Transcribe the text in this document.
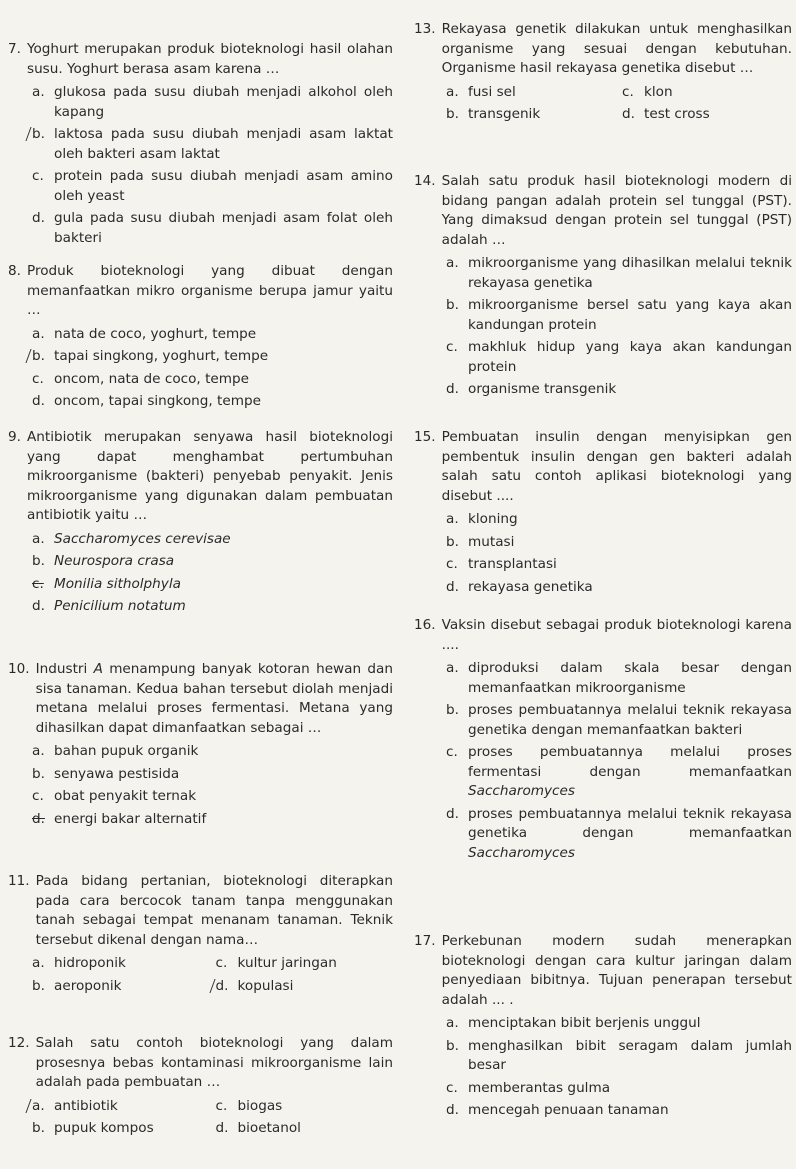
7. Yoghurt merupakan produk bioteknologi hasil olahan susu. Yoghurt berasa asam karena …
a. glukosa pada susu diubah menjadi alkohol oleh kapang
b. laktosa pada susu diubah menjadi asam laktat oleh bakteri asam laktat
c. protein pada susu diubah menjadi asam amino oleh yeast
d. gula pada susu diubah menjadi asam folat oleh bakteri
8. Produk bioteknologi yang dibuat dengan memanfaatkan mikro organisme berupa jamur yaitu …
a. nata de coco, yoghurt, tempe
b. tapai singkong, yoghurt, tempe
c. oncom, nata de coco, tempe
d. oncom, tapai singkong, tempe
9. Antibiotik merupakan senyawa hasil bioteknologi yang dapat menghambat pertumbuhan mikroorganisme (bakteri) penyebab penyakit. Jenis mikroorganisme yang digunakan dalam pembuatan antibiotik yaitu …
a. Saccharomyces cerevisae
b. Neurospora crasa
c. Monilia sitholphyla
d. Penicilium notatum
10. Industri A menampung banyak kotoran hewan dan sisa tanaman. Kedua bahan tersebut diolah menjadi metana melalui proses fermentasi. Metana yang dihasilkan dapat dimanfaatkan sebagai …
a. bahan pupuk organik
b. senyawa pestisida
c. obat penyakit ternak
d. energi bakar alternatif
11. Pada bidang pertanian, bioteknologi diterapkan pada cara bercocok tanam tanpa menggunakan tanah sebagai tempat menanam tanaman. Teknik tersebut dikenal dengan nama…
a. hidroponik	c. kultur jaringan
b. aeroponik	d. kopulasi
12. Salah satu contoh bioteknologi yang dalam prosesnya bebas kontaminasi mikroorganisme lain adalah pada pembuatan …
a. antibiotik	c. biogas
b. pupuk kompos	d. bioetanol
13. Rekayasa genetik dilakukan untuk menghasilkan organisme yang sesuai dengan kebutuhan. Organisme hasil rekayasa genetika disebut …
a. fusi sel	c. klon
b. transgenik	d. test cross
14. Salah satu produk hasil bioteknologi modern di bidang pangan adalah protein sel tunggal (PST). Yang dimaksud dengan protein sel tunggal (PST) adalah …
a. mikroorganisme yang dihasilkan melalui teknik rekayasa genetika
b. mikroorganisme bersel satu yang kaya akan kandungan protein
c. makhluk hidup yang kaya akan kandungan protein
d. organisme transgenik
15. Pembuatan insulin dengan menyisipkan gen pembentuk insulin dengan gen bakteri adalah salah satu contoh aplikasi bioteknologi yang disebut ....
a. kloning
b. mutasi
c. transplantasi
d. rekayasa genetika
16. Vaksin disebut sebagai produk bioteknologi karena ....
a. diproduksi dalam skala besar dengan memanfaatkan mikroorganisme
b. proses pembuatannya melalui teknik rekayasa genetika dengan memanfaatkan bakteri
c. proses pembuatannya melalui proses fermentasi dengan memanfaatkan Saccharomyces
d. proses pembuatannya melalui teknik rekayasa genetika dengan memanfaatkan Saccharomyces
17. Perkebunan modern sudah menerapkan bioteknologi dengan cara kultur jaringan dalam penyediaan bibitnya. Tujuan penerapan tersebut adalah ... .
a. menciptakan bibit berjenis unggul
b. menghasilkan bibit seragam dalam jumlah besar
c. memberantas gulma
d. mencegah penuaan tanaman
